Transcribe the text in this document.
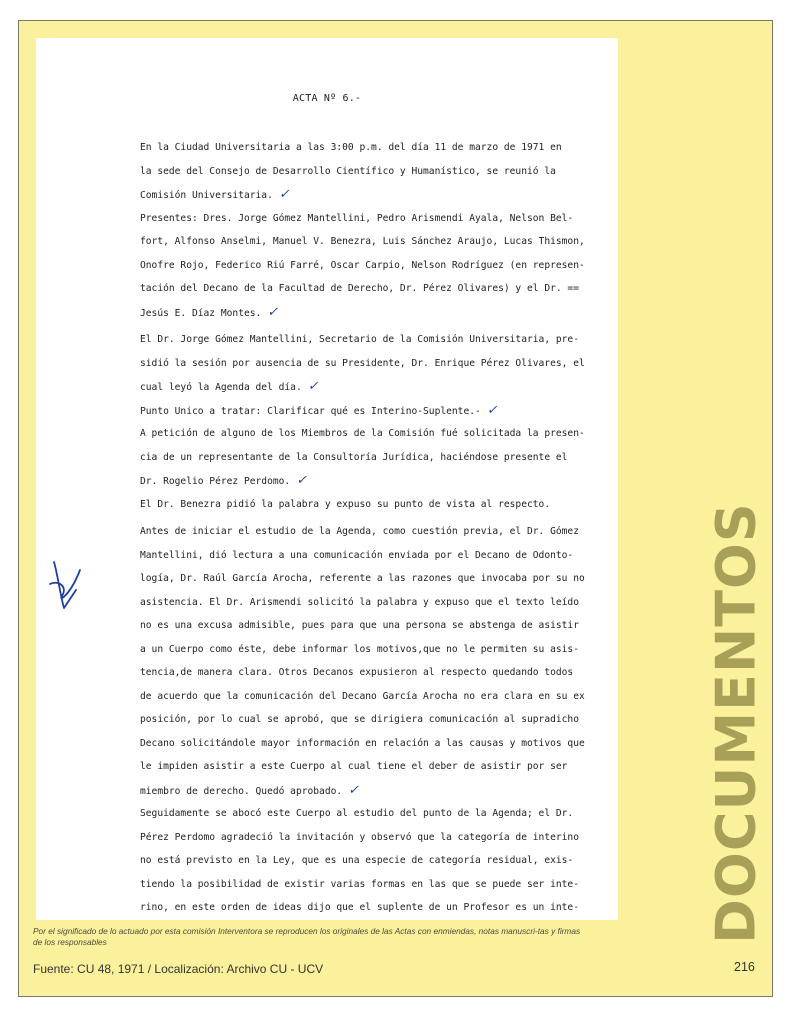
ACTA Nº 6.-
En la Ciudad Universitaria a las 3:00 p.m. del día 11 de marzo de 1971 en
la sede del Consejo de Desarrollo Científico y Humanístico, se reunió la
Comisión Universitaria. ✓
Presentes: Dres. Jorge Gómez Mantellini, Pedro Arismendi Ayala, Nelson Bel-
fort, Alfonso Anselmi, Manuel V. Benezra, Luis Sánchez Araujo, Lucas Thismon,
Onofre Rojo, Federico Riú Farré, Oscar Carpio, Nelson Rodríguez (en represen-
tación del Decano de la Facultad de Derecho, Dr. Pérez Olivares) y el Dr. ==
Jesús E. Díaz Montes. ✓
El Dr. Jorge Gómez Mantellini, Secretario de la Comisión Universitaria, pre-
sidió la sesión por ausencia de su Presidente, Dr. Enrique Pérez Olivares, el
cual leyó la Agenda del día. ✓
Punto Unico a tratar: Clarificar qué es Interino-Suplente.- ✓
A petición de alguno de los Miembros de la Comisión fué solicitada la presen-
cia de un representante de la Consultoría Jurídica, haciéndose presente el
Dr. Rogelio Pérez Perdomo. ✓
El Dr. Benezra pidió la palabra y expuso su punto de vista al respecto.
Antes de iniciar el estudio de la Agenda, como cuestión previa, el Dr. Gómez
Mantellini, dió lectura a una comunicación enviada por el Decano de Odonto-
logía, Dr. Raúl García Arocha, referente a las razones que invocaba por su no
asistencia. El Dr. Arismendi solicitó la palabra y expuso que el texto leído
no es una excusa admisible, pues para que una persona se abstenga de asistir
a un Cuerpo como éste, debe informar los motivos,que no le permiten su asis-
tencia,de manera clara. Otros Decanos expusieron al respecto quedando todos
de acuerdo que la comunicación del Decano García Arocha no era clara en su ex
posición, por lo cual se aprobó, que se dirigiera comunicación al supradicho
Decano solicitándole mayor información en relación a las causas y motivos que
le impiden asistir a este Cuerpo al cual tiene el deber de asistir por ser
miembro de derecho. Quedó aprobado. ✓
Seguidamente se abocó este Cuerpo al estudio del punto de la Agenda; el Dr.
Pérez Perdomo agradeció la invitación y observó que la categoría de interino
no está previsto en la Ley, que es una especie de categoría residual, exis-
tiendo la posibilidad de existir varias formas en las que se puede ser inte-
rino, en este orden de ideas dijo que el suplente de un Profesor es un inte- DOCUMENTOS
Por el significado de lo actuado por esta comisión Interventora se reproducen los originales de las Actas con enmiendas, notas manuscri-tas y firmas de los responsables
Fuente: CU 48, 1971 / Localización: Archivo CU - UCV	216
